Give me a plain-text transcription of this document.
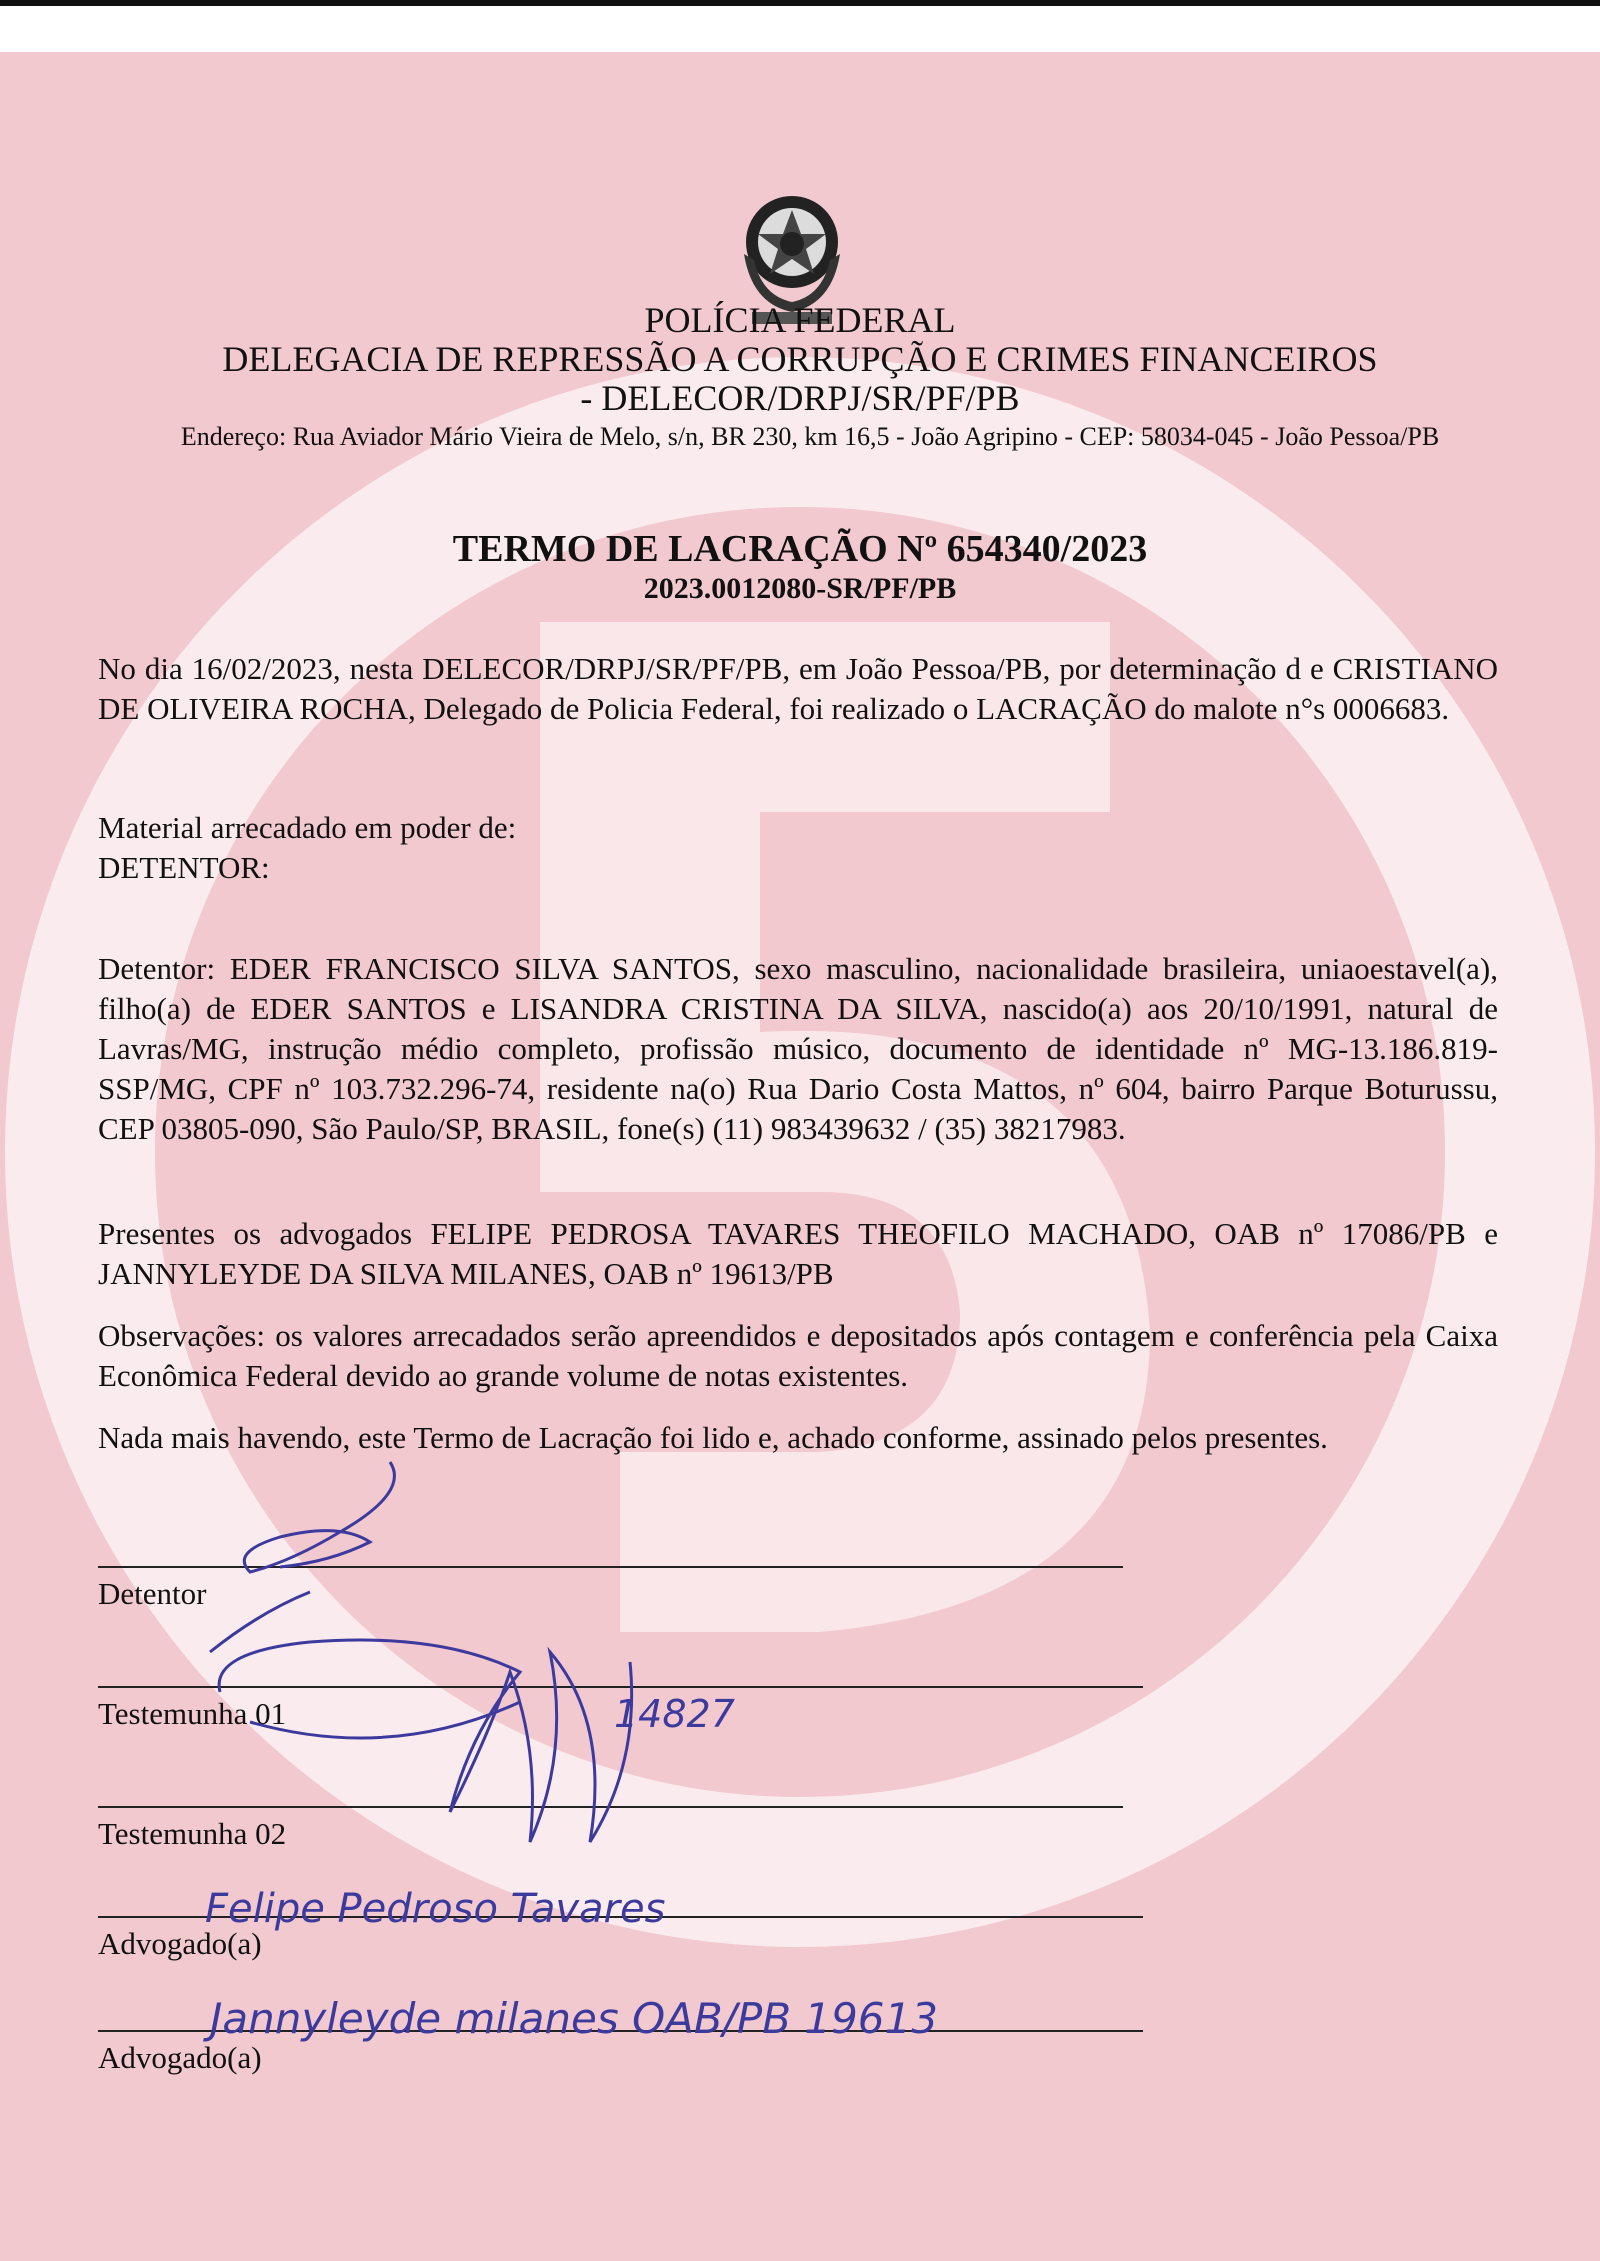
POLÍCIA FEDERAL
DELEGACIA DE REPRESSÃO A CORRUPÇÃO E CRIMES FINANCEIROS
- DELECOR/DRPJ/SR/PF/PB
Endereço: Rua Aviador Mário Vieira de Melo, s/n, BR 230, km 16,5 - João Agripino - CEP: 58034-045 - João Pessoa/PB
TERMO DE LACRAÇÃO Nº 654340/2023
2023.0012080-SR/PF/PB
No dia 16/02/2023, nesta DELECOR/DRPJ/SR/PF/PB, em João Pessoa/PB, por determinação d e CRISTIANO DE OLIVEIRA ROCHA, Delegado de Policia Federal, foi realizado o LACRAÇÃO do malote n°s 0006683.
Material arrecadado em poder de:
DETENTOR:
Detentor: EDER FRANCISCO SILVA SANTOS, sexo masculino, nacionalidade brasileira, uniaoestavel(a), filho(a) de EDER SANTOS e LISANDRA CRISTINA DA SILVA, nascido(a) aos 20/10/1991, natural de Lavras/MG, instrução médio completo, profissão músico, documento de identidade nº MG-13.186.819-SSP/MG, CPF nº 103.732.296-74, residente na(o) Rua Dario Costa Mattos, nº 604, bairro Parque Boturussu, CEP 03805-090, São Paulo/SP, BRASIL, fone(s) (11) 983439632 / (35) 38217983.
Presentes os advogados FELIPE PEDROSA TAVARES THEOFILO MACHADO, OAB nº 17086/PB e JANNYLEYDE DA SILVA MILANES, OAB nº 19613/PB
Observações: os valores arrecadados serão apreendidos e depositados após contagem e conferência pela Caixa Econômica Federal devido ao grande volume de notas existentes.
Nada mais havendo, este Termo de Lacração foi lido e, achado conforme, assinado pelos presentes.
Detentor
Testemunha 01
Testemunha 02
Advogado(a)
Advogado(a)
14827
Felipe Pedroso Tavares
Jannyleyde milanes OAB/PB 19613
